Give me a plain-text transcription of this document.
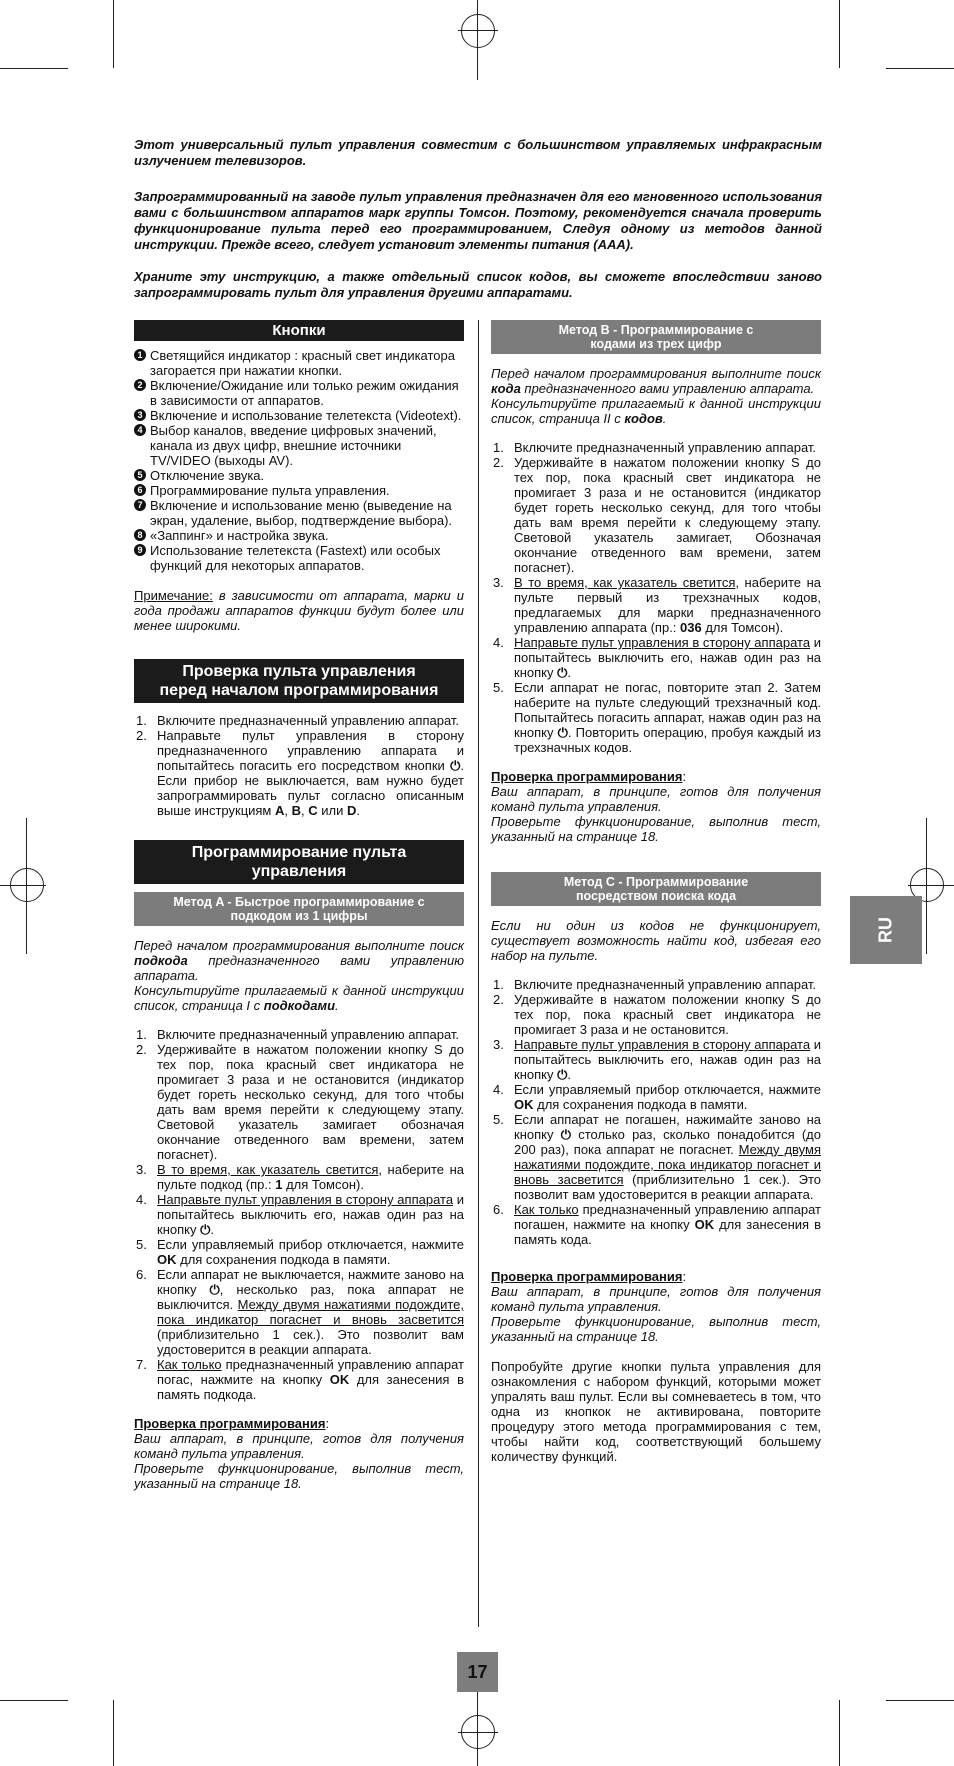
Этот универсальный пульт управления совместим с большинством управляемых инфракрасным излучением телевизоров.
Запрограммированный на заводе пульт управления предназначен для его мгновенного использования вами с большинством аппаратов марк группы Томсон. Поэтому, рекомендуется сначала проверить функционирование пульта перед его программированием, Следуя одному из методов данной инструкции. Прежде всего, следует установит элементы питания (AAA).
Храните эту инструкцию, а также отдельный список кодов, вы сможете впоследствии заново запрограммировать пульт для управления другими аппаратами.
Кнопки
1 Светящийся индикатор : красный свет индикатора загорается при нажатии кнопки.
2 Включение/Ожидание или только режим ожидания в зависимости от аппаратов.
3 Включение и использование телетекста (Videotext).
4 Выбор каналов, введение цифровых значений, канала из двух цифр, внешние источники TV/VIDEO (выходы AV).
5 Отключение звука.
6 Программирование пульта управления.
7 Включение и использование меню (выведение на экран, удаление, выбор, подтверждение выбора).
8 «Заппинг» и настройка звука.
9 Использование телетекста (Fastext) или особых функций для некоторых аппаратов.
Примечание: в зависимости от аппарата, марки и года продажи аппаратов функции будут более или менее широкими.
Проверка пульта управления
перед началом программирования
1. Включите предназначенный управлению аппарат.
2. Направьте пульт управления в сторону предназначенного управлению аппарата и попытайтесь погасить его посредством кнопки ⏻. Если прибор не выключается, вам нужно будет запрограммировать пульт согласно описанным выше инструкциям A, B, C или D.
Программирование пульта
управления
Метод A - Быстрое программирование с
подкодом из 1 цифры
Перед началом программирования выполните поиск подкода предназначенного вами управлению аппарата.
Консультируйте прилагаемый к данной инструкции список, страница I с подкодами.
1. Включите предназначенный управлению аппарат.
2. Удерживайте в нажатом положении кнопку S до тех пор, пока красный свет индикатора не промигает 3 раза и не остановится (индикатор будет гореть несколько секунд, для того чтобы дать вам время перейти к следующему этапу. Световой указатель замигает обозначая окончание отведенного вам времени, затем погаснет).
3. В то время, как указатель светится, наберите на пульте подкод (пр.: 1 для Томсон).
4. Направьте пульт управления в сторону аппарата и попытайтесь выключить его, нажав один раз на кнопку ⏻.
5. Если управляемый прибор отключается, нажмите OK для сохранения подкода в памяти.
6. Если аппарат не выключается, нажмите заново на кнопку ⏻, несколько раз, пока аппарат не выключится. Между двумя нажатиями подождите, пока индикатор погаснет и вновь засветится (приблизительно 1 сек.). Это позволит вам удостоверится в реакции аппарата.
7. Как только предназначенный управлению аппарат погас, нажмите на кнопку OK для занесения в память подкода.
Проверка программирования:
Ваш аппарат, в принципе, готов для получения команд пульта управления.
Проверьте функционирование, выполнив тест, указанный на странице 18.
Метод B - Программирование с
кодами из трех цифр
Перед началом программирования выполните поиск кода предназначенного вами управлению аппарата.
Консультируйте прилагаемый к данной инструкции список, страница II с кодов.
1. Включите предназначенный управлению аппарат.
2. Удерживайте в нажатом положении кнопку S до тех пор, пока красный свет индикатора не промигает 3 раза и не остановится (индикатор будет гореть несколько секунд, для того чтобы дать вам время перейти к следующему этапу. Световой указатель замигает, Обозначая окончание отведенного вам времени, затем погаснет).
3. В то время, как указатель светится, наберите на пульте первый из трехзначных кодов, предлагаемых для марки предназначенного управлению аппарата (пр.: 036 для Томсон).
4. Направьте пульт управления в сторону аппарата и попытайтесь выключить его, нажав один раз на кнопку ⏻.
5. Если аппарат не погас, повторите этап 2. Затем наберите на пульте следующий трехзначный код. Попытайтесь погасить аппарат, нажав один раз на кнопку ⏻. Повторить операцию, пробуя каждый из трехзначных кодов.
Проверка программирования:
Ваш аппарат, в принципе, готов для получения команд пульта управления.
Проверьте функционирование, выполнив тест, указанный на странице 18.
Метод C - Программирование
посредством поиска кода
Если ни один из кодов не функционирует, существует возможность найти код, избегая его набор на пульте.
1. Включите предназначенный управлению аппарат.
2. Удерживайте в нажатом положении кнопку S до тех пор, пока красный свет индикатора не промигает 3 раза и не остановится.
3. Направьте пульт управления в сторону аппарата и попытайтесь выключить его, нажав один раз на кнопку ⏻.
4. Если управляемый прибор отключается, нажмите OK для сохранения подкода в памяти.
5. Если аппарат не погашен, нажимайте заново на кнопку ⏻ столько раз, сколько понадобится (до 200 раз), пока аппарат не погаснет. Между двумя нажатиями подождите, пока индикатор погаснет и вновь засветится (приблизительно 1 сек.). Это позволит вам удостоверится в реакции аппарата.
6. Как только предназначенный управлению аппарат погашен, нажмите на кнопку OK для занесения в память кода.
Проверка программирования:
Ваш аппарат, в принципе, готов для получения команд пульта управления.
Проверьте функционирование, выполнив тест, указанный на странице 18.
Попробуйте другие кнопки пульта управления для ознакомления с набором функций, которыми может упралять ваш пульт. Если вы сомневаетесь в том, что одна из кнопкок не активирована, повторите процедуру этого метода программирования с тем, чтобы найти код, соответствующий большему количеству функций.
RU
17
